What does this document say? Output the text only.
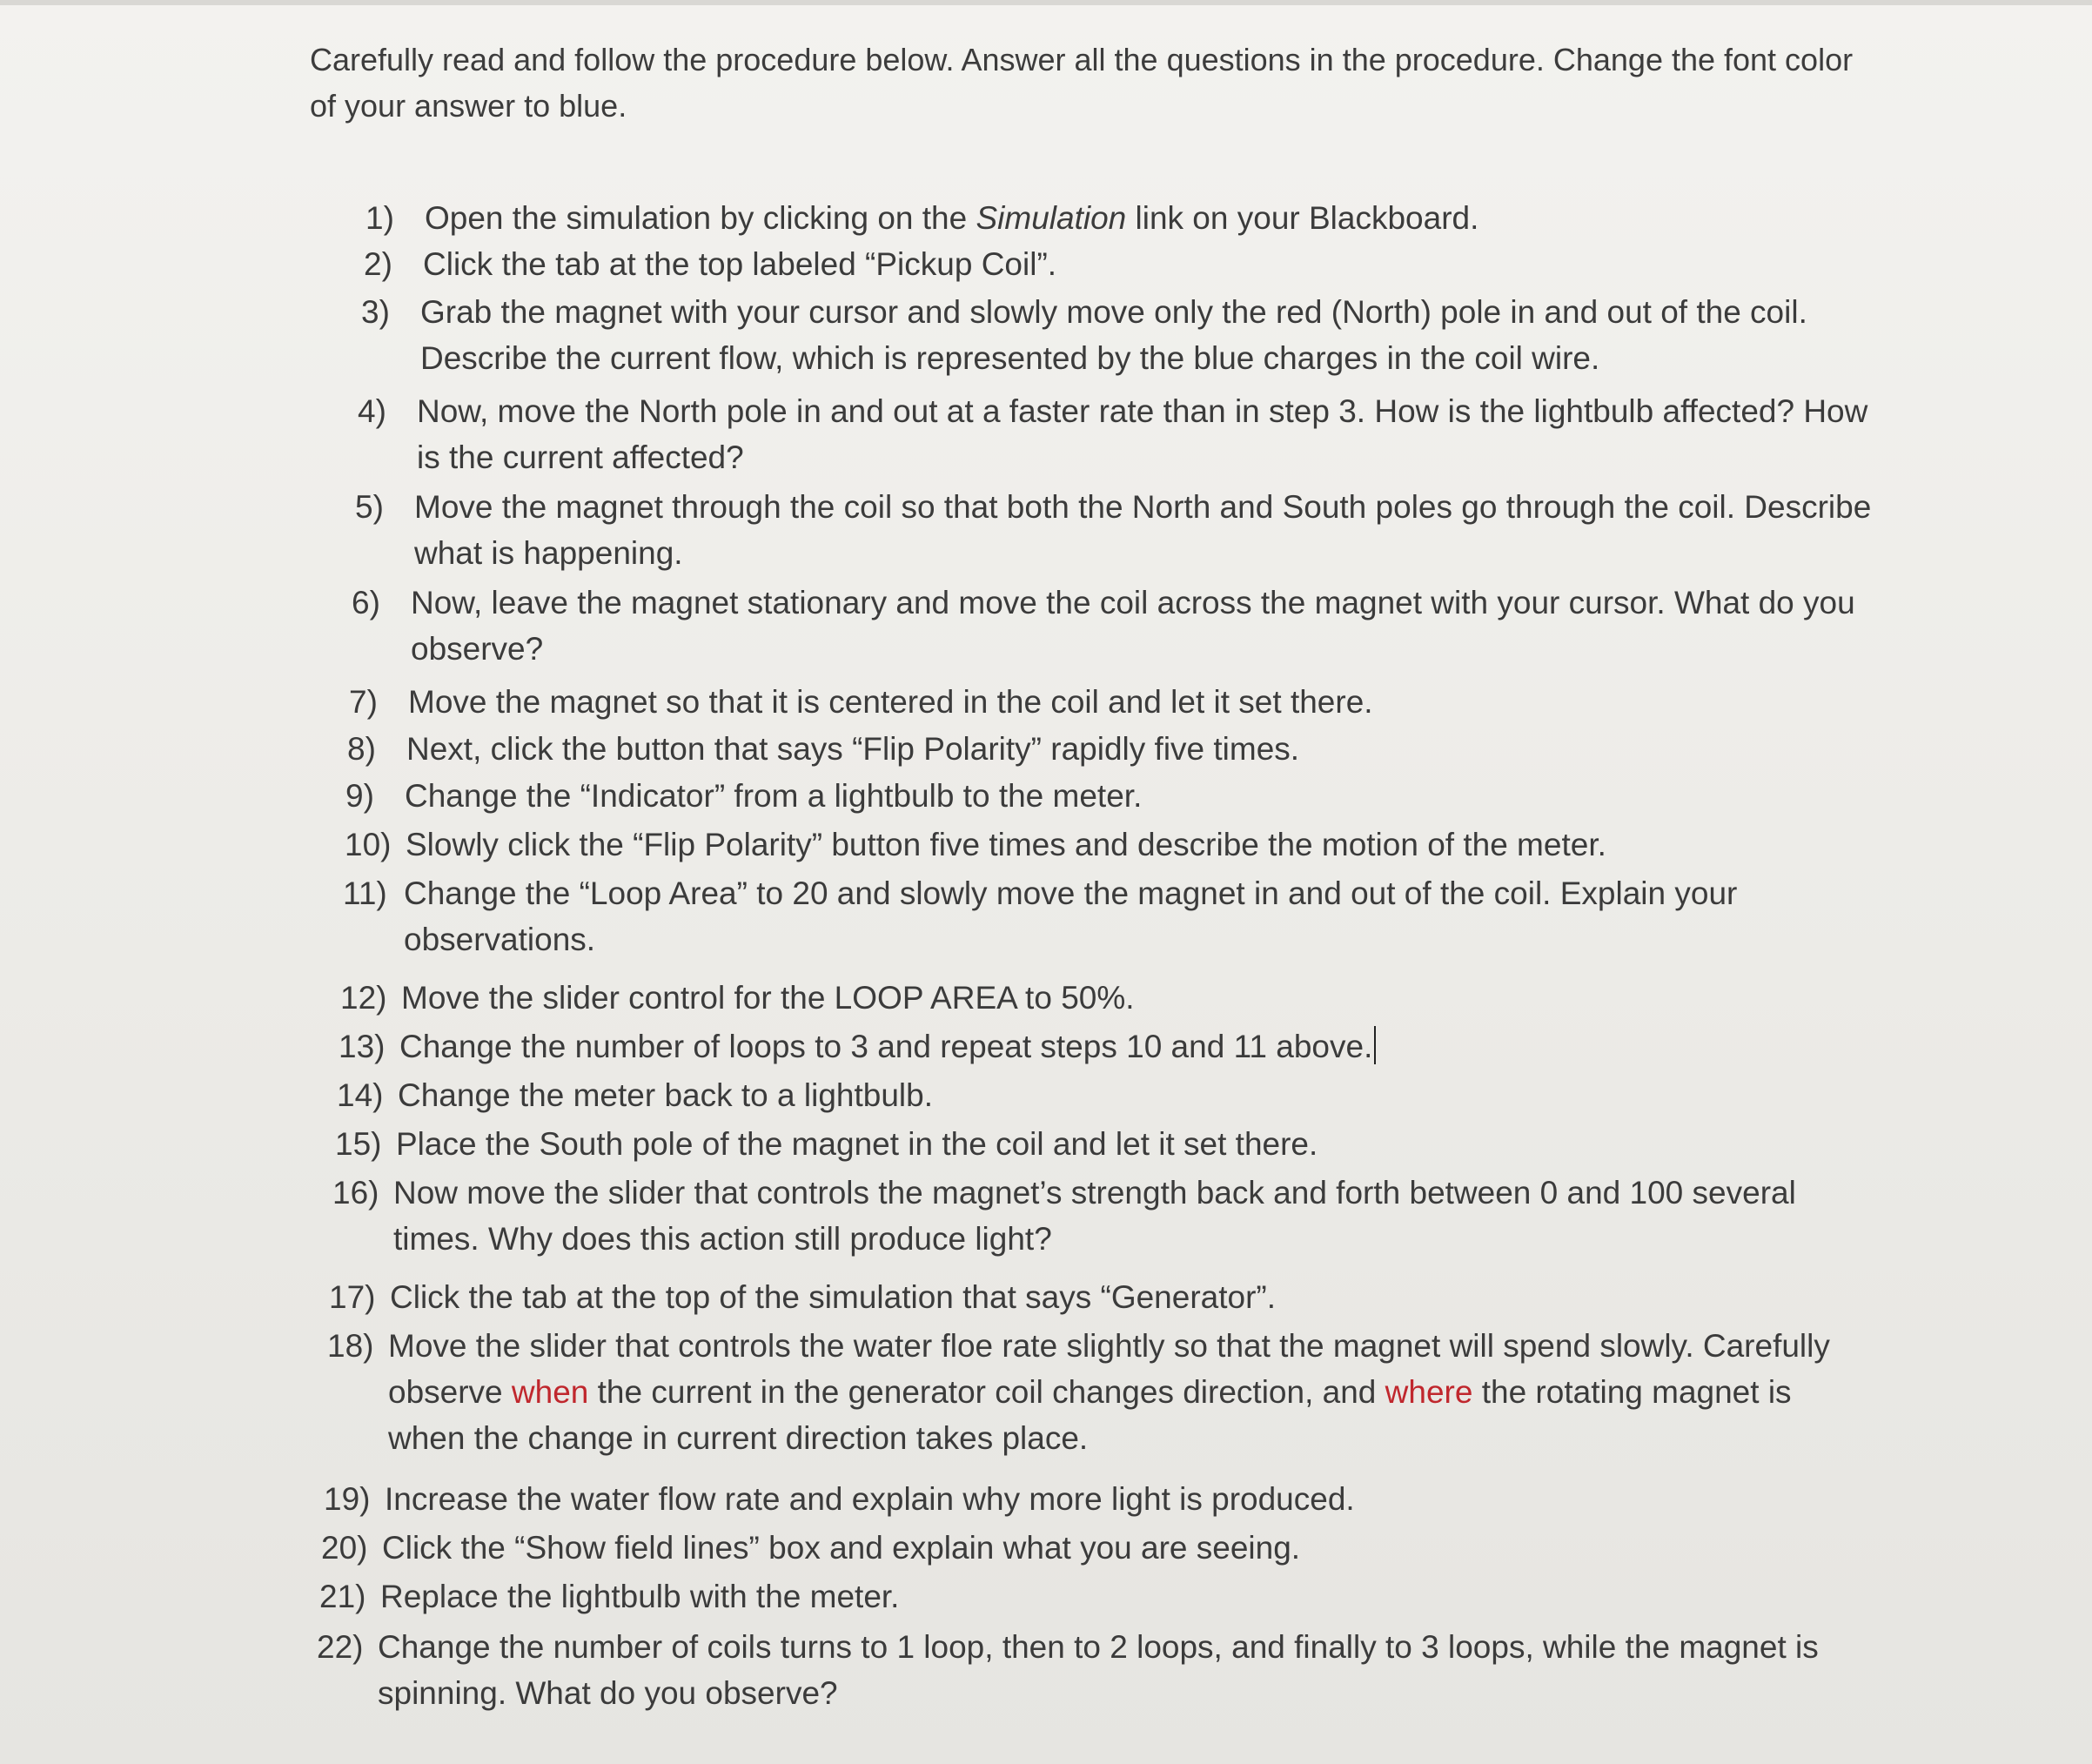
Carefully read and follow the procedure below. Answer all the questions in the procedure. Change the font color of your answer to blue.

1) Open the simulation by clicking on the Simulation link on your Blackboard.
2) Click the tab at the top labeled “Pickup Coil”.
3) Grab the magnet with your cursor and slowly move only the red (North) pole in and out of the coil. Describe the current flow, which is represented by the blue charges in the coil wire.
4) Now, move the North pole in and out at a faster rate than in step 3. How is the lightbulb affected? How is the current affected?
5) Move the magnet through the coil so that both the North and South poles go through the coil. Describe what is happening.
6) Now, leave the magnet stationary and move the coil across the magnet with your cursor. What do you observe?
7) Move the magnet so that it is centered in the coil and let it set there.
8) Next, click the button that says “Flip Polarity” rapidly five times.
9) Change the “Indicator” from a lightbulb to the meter.
10) Slowly click the “Flip Polarity” button five times and describe the motion of the meter.
11) Change the “Loop Area” to 20 and slowly move the magnet in and out of the coil. Explain your observations.
12) Move the slider control for the LOOP AREA to 50%.
13) Change the number of loops to 3 and repeat steps 10 and 11 above.
14) Change the meter back to a lightbulb.
15) Place the South pole of the magnet in the coil and let it set there.
16) Now move the slider that controls the magnet’s strength back and forth between 0 and 100 several times. Why does this action still produce light?
17) Click the tab at the top of the simulation that says “Generator”.
18) Move the slider that controls the water floe rate slightly so that the magnet will spend slowly. Carefully observe when the current in the generator coil changes direction, and where the rotating magnet is when the change in current direction takes place.
19) Increase the water flow rate and explain why more light is produced.
20) Click the “Show field lines” box and explain what you are seeing.
21) Replace the lightbulb with the meter.
22) Change the number of coils turns to 1 loop, then to 2 loops, and finally to 3 loops, while the magnet is spinning. What do you observe?
